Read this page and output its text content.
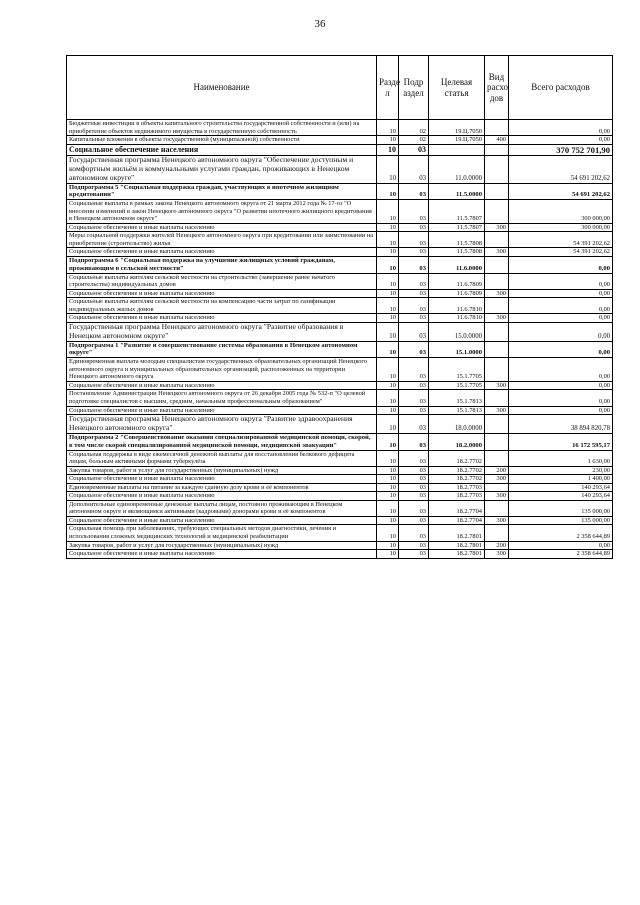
36
Наименование	Разде л	Подр аздел	Целевая статья	Вид расхо дов	Всего расходов
Бюджетные инвестиции в объекты капитального строительства государственной собственности и (или) на приобретение объектов недвижимого имущества в государственную собственность	10	02	19.Ц.7050		0,00
Капитальные вложения в объекты государственной (муниципальной) собственности	10	02	19.Ц.7050	400	0,00
Социальное обеспечение населения	10	03			370 752 701,90
Государственная программа Ненецкого автономного округа "Обеспечение доступным и комфортным жильём и коммунальными услугами граждан, проживающих в Ненецком автономном округе"	10	03	11.0.0000		54 691 202,62
Подпрограмма 5 "Социальная поддержка граждан, участвующих в ипотечном жилищном кредитовании"	10	03	11.5.0000		54 691 202,62
Социальные выплаты в рамках закона Ненецкого автономного округа от 21 марта 2012 года № 17-оз "О внесении изменений в закон Ненецкого автономного округа "О развитии ипотечного жилищного кредитования в Ненецком автономном округе"	10	03	11.5.7807		300 000,00
Социальное обеспечение и иные выплаты населению	10	03	11.5.7807	300	300 000,00
Меры социальной поддержки жителей Ненецкого автономного округа при кредитовании или заимствовании на приобретение (строительство) жилья	10	03	11.5.7808		54 391 202,62
Социальное обеспечение и иные выплаты населению	10	03	11.5.7808	300	54 391 202,62
Подпрограмма 6 "Социальная поддержка на улучшение жилищных условий гражданам, проживающим в сельской местности"	10	03	11.6.0000		0,00
Социальные выплаты жителям сельской местности на строительство (завершение ранее начатого строительства) индивидуальных домов	10	03	11.6.7809		0,00
Социальное обеспечение и иные выплаты населению	10	03	11.6.7809	300	0,00
Социальные выплаты жителям сельской местности на компенсацию части затрат по газификации индивидуальных жилых домов	10	03	11.6.7810		0,00
Социальное обеспечение и иные выплаты населению	10	03	11.6.7810	300	0,00
Государственная программа Ненецкого автономного округа "Развитие образования в Ненецком автономном округе"	10	03	15.0.0000		0,00
Подпрограмма 1 "Развитие и совершенствование системы образования в Ненецком автономном округе"	10	03	15.1.0000		0,00
Единовременная выплата молодым специалистам государственных образовательных организаций Ненецкого автономного округа и муниципальных образовательных организаций, расположенных на территории Ненецкого автономного округа	10	03	15.1.7705		0,00
Социальное обеспечение и иные выплаты населению	10	03	15.1.7705	300	0,00
Постановление Администрации Ненецкого автономного округа от 26 декабря 2005 года № 532-п "О целевой подготовке специалистов с высшим, средним, начальным профессиональным образованием"	10	03	15.1.7813		0,00
Социальное обеспечение и иные выплаты населению	10	03	15.1.7813	300	0,00
Государственная программа Ненецкого автономного округа "Развитие здравоохранения Ненецкого автономного округа"	10	03	18.0.0000		38 894 820,78
Подпрограмма 2 "Совершенствование оказания специализированной медицинской помощи, скорой, в том числе скорой специализированной медицинской помощи, медицинской эвакуации"	10	03	18.2.0000		16 172 595,17
Социальная поддержка в виде ежемесячной денежной выплаты для восстановления белкового дефицита лицам, больным активными формами туберкулёза	10	03	18.2.7702		1 630,00
Закупка товаров, работ и услуг для государственных (муниципальных) нужд	10	03	18.2.7702	200	230,00
Социальное обеспечение и иные выплаты населению	10	03	18.2.7702	300	1 400,00
Единовременные выплаты на питание за каждую сданную дозу крови и её компонентов	10	03	18.2.7703		140 293,64
Социальное обеспечение и иные выплаты населению	10	03	18.2.7703	300	140 293,64
Дополнительные единовременные денежные выплаты лицам, постоянно проживающим в Ненецком автономном округе и являющимся активными (кадровыми) донорами крови и её компонентов	10	03	18.2.7704		135 000,00
Социальное обеспечение и иные выплаты населению	10	03	18.2.7704	300	135 000,00
Социальная помощь при заболеваниях, требующих специальных методов диагностики, лечения и использования сложных медицинских технологий и медицинской реабилитации	10	03	18.2.7801		2 358 644,89
Закупка товаров, работ и услуг для государственных (муниципальных) нужд	10	03	18.2.7801	200	0,00
Социальное обеспечение и иные выплаты населению	10	03	18.2.7801	300	2 358 644,89
